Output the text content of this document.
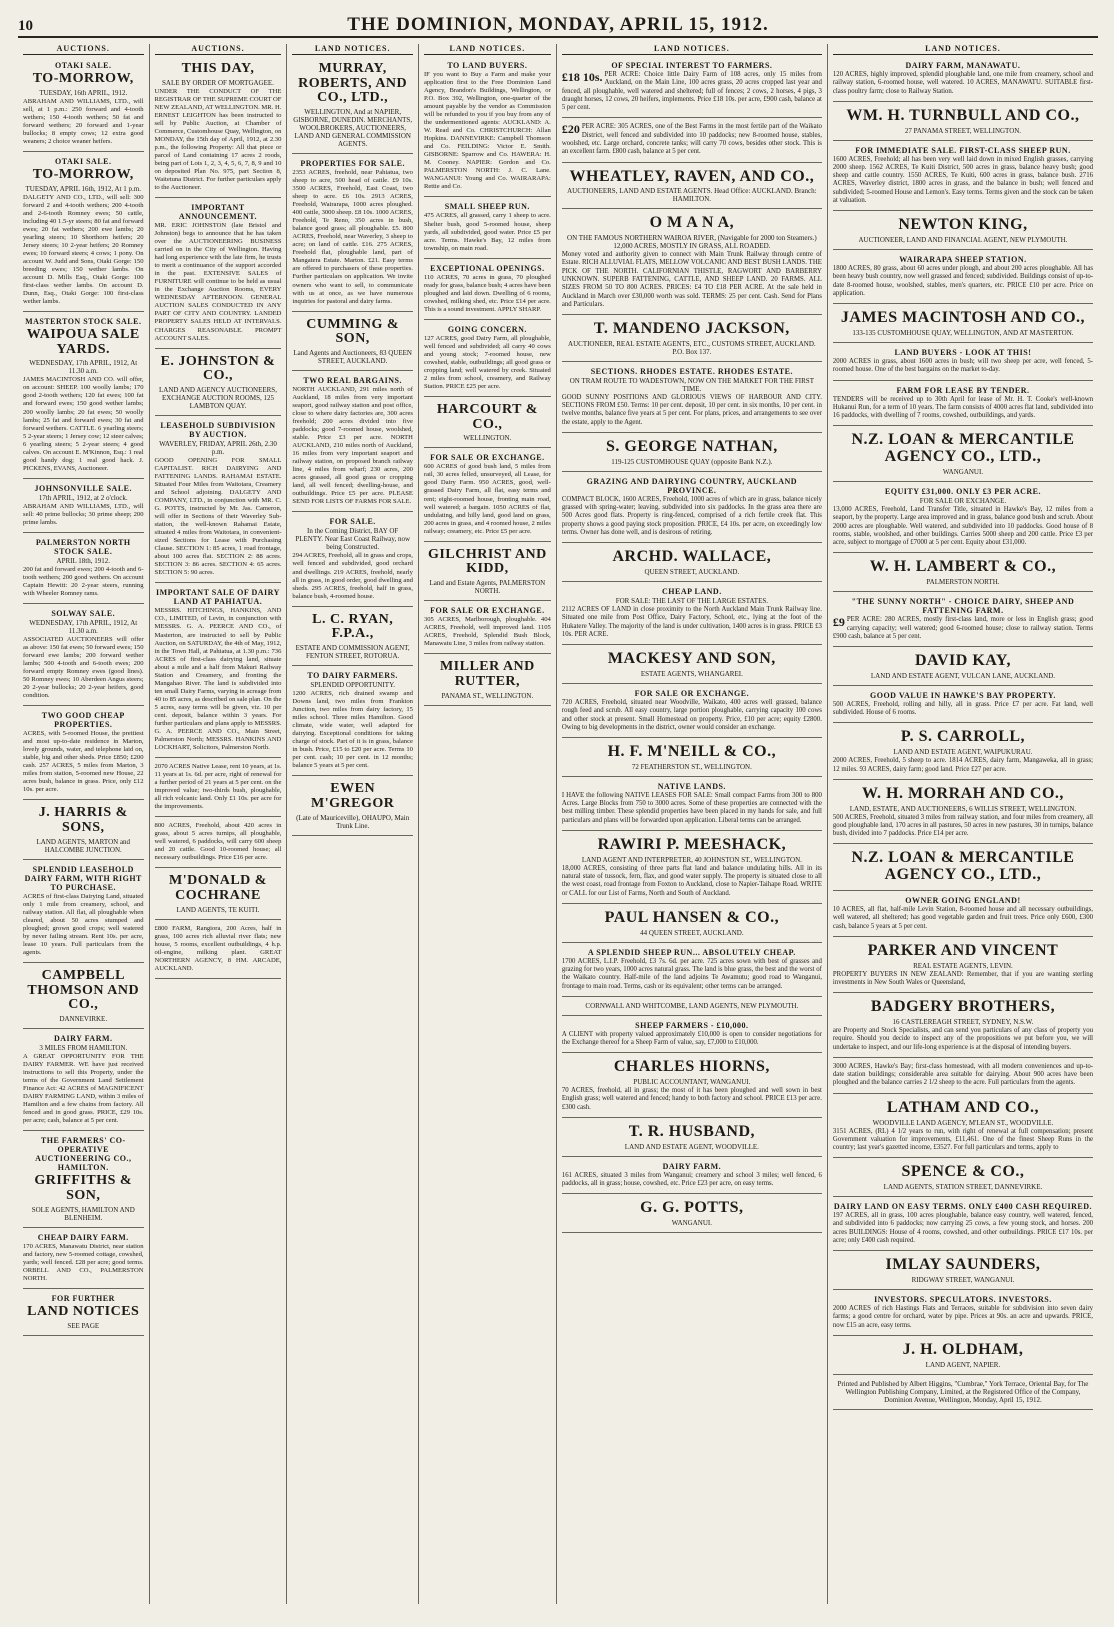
10	THE DOMINION, MONDAY, APRIL 15, 1912.
AUCTIONS.
OTAKI SALE.
TO-MORROW,
TUESDAY, 16th APRIL, 1912.

ABRAHAM AND WILLIAMS, LTD., will sell, at 1 p.m.: 250 forward and 4-tooth wethers; 150 4-tooth wethers; 50 fat and forward wethers; 20 forward and 1-year bullocks; 8 empty cows; 12 extra good weaners; 2 choice weaner heifers.

OTAKI SALE.
TO-MORROW,
TUESDAY, APRIL 16th, 1912, At 1 p.m.

DALGETY AND CO., LTD., will sell: 300 forward 2 and 4-tooth wethers; 200 4-tooth and 2-6-tooth Romney ewes; 50 cattle, including 40 1.5-yr steers; 80 fat and forward ewes; 20 fat wethers; 200 ewe lambs; 20 yearling steers; 10 Shorthorn heifers; 20 Jersey steers; 10 2-year heifers; 20 Romney ewes; 10 forward steers; 4 cows; 1 pony. On account W. Judd and Sons, Otaki Gorge: 150 breeding ewes; 150 wether lambs. On account D. Mills Esq., Otaki Gorge: 100 first-class wether lambs. On account D. Dunn, Esq., Otaki Gorge: 100 first-class wether lambs.

MASTERTON STOCK SALE.
WAIPOUA SALE YARDS.
WEDNESDAY, 17th APRIL, 1912, At 11.30 a.m.

JAMES MACINTOSH AND CO. will offer, on account: SHEEP. 100 woolly lambs; 170 good 2-tooth wethers; 120 fat ewes; 100 fat and forward ewes; 150 good wether lambs; 200 woolly lambs; 20 fat ewes; 50 woolly lambs; 25 fat and forward ewes; 30 fat and forward wethers. CATTLE. 6 yearling steers; 5 2-year steers; 1 Jersey cow; 12 steer calves; 6 yearling steers; 5 2-year steers; 4 good calves. On account E. M'Kinnon, Esq.: 1 real good handy dog; 1 real good hack. J. PICKENS, EVANS, Auctioneer.

JOHNSONVILLE SALE.
17th APRIL, 1912, at 2 o'clock.

ABRAHAM AND WILLIAMS, LTD., will sell: 40 prime bullocks; 30 prime sheep; 200 prime lambs.

PALMERSTON NORTH STOCK SALE.
APRIL 18th, 1912.

200 fat and forward ewes; 200 4-tooth and 6-tooth wethers; 200 good wethers. On account Captain Hewitt: 20 2-year steers, running with Wheeler Romney rams.

SOLWAY SALE.
WEDNESDAY, 17th APRIL, 1912, At 11.30 a.m.

ASSOCIATED AUCTIONEERS will offer as above: 150 fat ewes; 50 forward ewes; 150 forward ewe lambs; 200 forward wether lambs; 500 4-tooth and 6-tooth ewes; 200 forward empty Romney ewes (good lines). 50 Romney ewes; 10 Aberdeen Angus steers; 20 2-year bullocks; 20 2-year heifers, good condition.

TWO GOOD CHEAP PROPERTIES.

ACRES, with 5-roomed House, the prettiest and most up-to-date residence in Marton, lovely grounds, water, and telephone laid on, stable, big and other sheds. Price £850; £200 cash. 257 ACRES, 5 miles from Marton, 3 miles from station, 5-roomed new House, 22 acres bush, balance in grass. Price, only £12 10s. per acre.

J. HARRIS & SONS,
LAND AGENTS, MARTON and HALCOMBE JUNCTION.
SPLENDID LEASEHOLD DAIRY FARM, WITH RIGHT TO PURCHASE.

ACRES of first-class Dairying Land, situated only 1 mile from creamery, school, and railway station. All flat, all ploughable when cleared, about 50 acres stumped and ploughed; grown good crops; well watered by never failing stream. Rent 10s. per acre, lease 10 years. Full particulars from the agents.

CAMPBELL THOMSON AND CO.,
DANNEVIRKE.
DAIRY FARM.
3 MILES FROM HAMILTON.

A GREAT OPPORTUNITY FOR THE DAIRY FARMER. WE have just received instructions to sell this Property, under the terms of the Government Land Settlement Finance Act: 42 ACRES of MAGNIFICENT DAIRY FARMING LAND, within 3 miles of Hamilton and a few chains from factory. All fenced and in good grass. PRICE, £29 10s. per acre; cash, balance at 5 per cent.

THE FARMERS' CO-OPERATIVE AUCTIONEERING CO., HAMILTON.
GRIFFITHS & SON,
SOLE AGENTS, HAMILTON AND BLENHEIM.
CHEAP DAIRY FARM.

170 ACRES, Manawatu District, near station and factory, new 5-roomed cottage, cowshed, yards; well fenced. £28 per acre; good terms. ORBELL AND CO., PALMERSTON NORTH.

FOR FURTHER
LAND NOTICES
SEE PAGE
AUCTIONS.
THIS DAY,
SALE BY ORDER OF MORTGAGEE.

UNDER THE CONDUCT OF THE REGISTRAR OF THE SUPREME COURT OF NEW ZEALAND, AT WELLINGTON. MR. H. ERNEST LEIGHTON has been instructed to sell by Public Auction, at Chamber of Commerce, Customhouse Quay, Wellington, on MONDAY, the 15th day of April, 1912, at 2.30 p.m., the following Property: All that piece or parcel of Land containing 17 acres 2 roods, being part of Lots 1, 2, 3, 4, 5, 6, 7, 8, 9 and 10 on deposited Plan No. 975, part Section 8, Waitetuna District. For further particulars apply to the Auctioneer.

IMPORTANT ANNOUNCEMENT.

MR. ERIC JOHNSTON (late Bristol and Johnston) begs to announce that he has taken over the AUCTIONEERING BUSINESS carried on in the City of Wellington. Having had long experience with the late firm, he trusts to merit a continuance of the support accorded in the past. EXTENSIVE SALES of FURNITURE will continue to be held as usual in the Exchange Auction Rooms, EVERY WEDNESDAY AFTERNOON. GENERAL AUCTION SALES CONDUCTED IN ANY PART OF CITY AND COUNTRY. LANDED PROPERTY SALES HELD AT INTERVALS. CHARGES REASONABLE. PROMPT ACCOUNT SALES.

E. JOHNSTON & CO.,
LAND AND AGENCY AUCTIONEERS, EXCHANGE AUCTION ROOMS, 125 LAMBTON QUAY.
LEASEHOLD SUBDIVISION BY AUCTION.
WAVERLEY, FRIDAY, APRIL 26th, 2.30 p.m.

GOOD OPENING FOR SMALL CAPITALIST. RICH DAIRYING AND FATTENING LANDS. RAHAMAI ESTATE. Situated Four Miles from Waitotara, Creamery and School adjoining. DALGETY AND COMPANY, LTD., in conjunction with MR. C. G. POTTS, instructed by Mr. Jas. Cameron, will offer in Sections of their Waverley Sub-station, the well-known Rahamai Estate, situated 4 miles from Waitotara, in convenient-sized Sections for Lease with Purchasing Clause. SECTION 1: 85 acres, 1 road frontage, about 100 acres flat. SECTION 2: 88 acres. SECTION 3: 86 acres. SECTION 4: 65 acres. SECTION 5: 90 acres.

IMPORTANT SALE OF DAIRY LAND AT PAHIATUA.

MESSRS. HITCHINGS, HANKINS, AND CO., LIMITED, of Levin, in conjunction with MESSRS. G. A. PEERCE AND CO., of Masterton, are instructed to sell by Public Auction, on SATURDAY, the 4th of May, 1912, in the Town Hall, at Pahiatua, at 1.30 p.m.: 736 ACRES of first-class dairying land, situate about a mile and a half from Makuri Railway Station and Creamery, and fronting the Mangahao River. The land is subdivided into ten small Dairy Farms, varying in acreage from 40 to 85 acres, as described on sale plan. On the 5 acres, easy terms will be given, viz. 10 per cent. deposit, balance within 3 years. For further particulars and plans apply to MESSRS. G. A. PEERCE AND CO., Main Street, Palmerston North; MESSRS. HANKINS AND LOCKHART, Solicitors, Palmerston North.

2070 ACRES Native Lease, rent 10 years, at 1s. 11 years at 1s. 6d. per acre, right of renewal for a further period of 21 years at 5 per cent. on the improved value; two-thirds bush, ploughable, all rich volcanic land. Only £1 10s. per acre for the improvements.

800 ACRES, Freehold, about 420 acres in grass, about 5 acres turnips, all ploughable, well watered, 6 paddocks, will carry 600 sheep and 20 cattle. Good 10-roomed house; all necessary outbuildings. Price £16 per acre.

M'DONALD & COCHRANE
LAND AGENTS, TE KUITI.

£800 FARM, Rangiora, 200 Acres, half in grass, 100 acres rich alluvial river flats; new house, 5 rooms, excellent outbuildings, 4 h.p. oil-engine, milking plant. GREAT NORTHERN AGENCY, 8 HM. ARCADE, AUCKLAND.

LAND NOTICES.
MURRAY, ROBERTS, AND CO., LTD.,
WELLINGTON, And at NAPIER, GISBORNE, DUNEDIN. MERCHANTS, WOOLBROKERS, AUCTIONEERS, LAND AND GENERAL COMMISSION AGENTS.
PROPERTIES FOR SALE.

2353 ACRES, freehold, near Pahiatua, two sheep to acre, 500 head of cattle. £9 10s. 3500 ACRES, Freehold, East Coast, two sheep to acre. £6 10s. 2913 ACRES, Freehold, Wairarapa, 1000 acres ploughed. 400 cattle, 3000 sheep. £8 10s. 1000 ACRES, Freehold, Te Reno, 350 acres in bush, balance good grass; all ploughable. £5. 800 ACRES, Freehold, near Waverley, 3 sheep to acre; on land of cattle. £16. 275 ACRES, Freehold flat, ploughable land, part of Mangatera Estate. Marton. £21. Easy terms are offered to purchasers of these properties. Further particulars on application. We invite owners who want to sell, to communicate with us at once, as we have numerous inquiries for pastoral and dairy farms.

CUMMING & SON,
Land Agents and Auctioneers, 83 QUEEN STREET, AUCKLAND.
TWO REAL BARGAINS.

NORTH AUCKLAND, 291 miles north of Auckland, 18 miles from very important seaport, good railway station and post office, close to where dairy factories are, 300 acres freehold; 200 acres divided into five paddocks; good 7-roomed house, woolshed, stable. Price £3 per acre. NORTH AUCKLAND, 210 miles north of Auckland, 16 miles from very important seaport and railway station, on proposed branch railway line, 4 miles from wharf; 230 acres, 200 acres grassed, all good grass or cropping land, all well fenced; dwelling-house, and outbuildings. Price £5 per acre. PLEASE SEND FOR LISTS OF FARMS FOR SALE.

FOR SALE.
In the Coming District, BAY OF PLENTY. Near East Coast Railway, now being Constructed.

294 ACRES, Freehold, all in grass and crops, well fenced and subdivided, good orchard and dwellings. 219 ACRES, freehold, nearly all in grass, in good order, good dwelling and sheds. 295 ACRES, freehold, half in grass, balance bush, 4-roomed house.

L. C. RYAN, F.P.A.,
ESTATE AND COMMISSION AGENT, FENTON STREET, ROTORUA.
TO DAIRY FARMERS.
SPLENDID OPPORTUNITY.

1200 ACRES, rich drained swamp and Downs land, two miles from Frankton Junction, two miles from dairy factory, 15 miles school. Three miles Hamilton. Good climate, wide water, well adapted for dairying. Exceptional conditions for taking charge of stock. Part of it is in grass, balance in bush. Price, £15 to £20 per acre. Terms 10 per cent. cash; 10 per cent. in 12 months; balance 5 years at 5 per cent.

EWEN M'GREGOR
(Late of Mauriceville), OHAUPO, Main Trunk Line.
LAND NOTICES.
TO LAND BUYERS.

IF you want to Buy a Farm and make your application first to the Free Dominion Land Agency, Brandon's Buildings, Wellington, or P.O. Box 392, Wellington, one-quarter of the amount payable by the vendor as Commission will be refunded to you if you buy from any of the undermentioned agents: AUCKLAND: A. W. Read and Co. CHRISTCHURCH: Allan Hopkins. DANNEVIRKE: Campbell Thomson and Co. FEILDING: Victor E. Smith. GISBORNE: Sparrow and Co. HAWERA: H. M. Cooney. NAPIER: Gordon and Co. PALMERSTON NORTH: J. C. Lane. WANGANUI: Young and Co. WAIRARAPA: Rettie and Co.

SMALL SHEEP RUN.

475 ACRES, all grassed, carry 1 sheep to acre. Shelter bush, good 5-roomed house, sheep yards, all subdivided, good water. Price £5 per acre. Terms. Hawke's Bay, 12 miles from township, on main road.

EXCEPTIONAL OPENINGS.

110 ACRES, 70 acres in grass, 70 ploughed ready for grass, balance bush; 4 acres have been ploughed and laid down. Dwelling of 6 rooms, cowshed, milking shed, etc. Price £14 per acre. This is a sound investment. APPLY SHARP.

GOING CONCERN.

127 ACRES, good Dairy Farm, all ploughable, well fenced and subdivided; all carry 40 cows and young stock; 7-roomed house, new cowshed, stable, outbuildings; all good grass or cropping land; well watered by creek. Situated 2 miles from school, creamery, and Railway Station. PRICE £25 per acre.

HARCOURT & CO.,
WELLINGTON.
FOR SALE OR EXCHANGE.

600 ACRES of good bush land, 5 miles from rail, 30 acres felled, unsurveyed, all Lease, for good Dairy Farm. 950 ACRES, good, well-grassed Dairy Farm, all flat, easy terms and rent; eight-roomed house, fronting main road, well watered; a bargain. 1050 ACRES of flat, undulating, and hilly land, good land on grass, 200 acres in grass, and 4 roomed house, 2 miles railway; creamery, etc. Price £5 per acre.

GILCHRIST AND KIDD,
Land and Estate Agents, PALMERSTON NORTH.
FOR SALE OR EXCHANGE.

305 ACRES, Marlborough, ploughable. 404 ACRES, Freehold, well improved land. 1105 ACRES, Freehold, Splendid Bush Block, Manawatu Line, 3 miles from railway station.

MILLER AND RUTTER,
PANAMA ST., WELLINGTON.
LAND NOTICES.
OF SPECIAL INTEREST TO FARMERS.

£18 10s. PER ACRE: Choice little Dairy Farm of 108 acres, only 15 miles from Auckland, on the Main Line, 100 acres grass, 20 acres cropped last year and fenced, all ploughable, well watered and sheltered; full of fences; 2 cows, 2 horses, 4 pigs, 3 draught horses, 12 cows, 20 heifers, implements. Price £18 10s. per acre, £900 cash, balance at 5 per cent.

£20 PER ACRE: 305 ACRES, one of the Best Farms in the most fertile part of the Waikato District, well fenced and subdivided into 10 paddocks; new 8-roomed house, stables, woolshed, etc. Large orchard, concrete tanks; will carry 70 cows, besides other stock. This is an excellent farm. £800 cash, balance at 5 per cent.

WHEATLEY, RAVEN, AND CO.,
AUCTIONEERS, LAND AND ESTATE AGENTS. Head Office: AUCKLAND. Branch: HAMILTON.
O M A N A,
ON THE FAMOUS NORTHERN WAIROA RIVER, (Navigable for 2000 ton Steamers.) 12,000 ACRES, MOSTLY IN GRASS, ALL ROADED.

Money voted and authority given to connect with Main Trunk Railway through centre of Estate. RICH ALLUVIAL FLATS, MELLOW VOLCANIC AND BEST BUSH LANDS. THE PICK OF THE NORTH. CALIFORNIAN THISTLE, RAGWORT AND BARBERRY UNKNOWN. SUPERB FATTENING, CATTLE, AND SHEEP LAND. 20 FARMS. ALL SIZES FROM 50 TO 800 ACRES. PRICES: £4 TO £18 PER ACRE. At the sale held in Auckland in March over £30,000 worth was sold. TERMS: 25 per cent. Cash. Send for Plans and Particulars.

T. MANDENO JACKSON,
AUCTIONEER, REAL ESTATE AGENTS, ETC., CUSTOMS STREET, AUCKLAND. P.O. Box 137.
SECTIONS. RHODES ESTATE. RHODES ESTATE.
ON TRAM ROUTE TO WADESTOWN, NOW ON THE MARKET FOR THE FIRST TIME.

GOOD SUNNY POSITIONS AND GLORIOUS VIEWS OF HARBOUR AND CITY. SECTIONS FROM £50. Terms: 10 per cent. deposit, 10 per cent. in six months, 10 per cent. in twelve months, balance five years at 5 per cent. For plans, prices, and arrangements to see over the estate, apply to the Agent.

S. GEORGE NATHAN,
119-125 CUSTOMHOUSE QUAY (opposite Bank N.Z.).
GRAZING AND DAIRYING COUNTRY, AUCKLAND PROVINCE.

COMPACT BLOCK, 1600 ACRES, Freehold, 1000 acres of which are in grass, balance nicely grassed with spring-water; leaving, subdivided into six paddocks. In the grass area there are 500 Acres good flats. Property is ring-fenced, comprised of a rich fertile creek flat. This property shows a good paying stock proposition. PRICE, £4 10s. per acre, on exceedingly low terms. Owner has done well, and is desirous of retiring.

ARCHD. WALLACE,
QUEEN STREET, AUCKLAND.
CHEAP LAND.
FOR SALE: THE LAST OF THE LARGE ESTATES.

2112 ACRES OF LAND in close proximity to the North Auckland Main Trunk Railway line. Situated one mile from Post Office, Dairy Factory, School, etc., lying at the foot of the Hukatere Valley. The majority of the land is under cultivation, 1400 acres is in grass. PRICE £3 10s. PER ACRE.

MACKESY AND SON,
ESTATE AGENTS, WHANGAREI.
FOR SALE OR EXCHANGE.

720 ACRES, Freehold, situated near Woodville, Waikato, 400 acres well grassed, balance rough feed and scrub. All easy country, large portion ploughable, carrying capacity 100 cows and other stock at present. Small Homestead on property. Price, £10 per acre; equity £2800. Owing to big developments in the district, owner would consider an exchange.

H. F. M'NEILL & CO.,
72 FEATHERSTON ST., WELLINGTON.
NATIVE LANDS.

I HAVE the following NATIVE LEASES FOR SALE: Small compact Farms from 300 to 800 Acres. Large Blocks from 750 to 3000 acres. Some of these properties are connected with the best milling timber. These splendid properties have been placed in my hands for sale, and full particulars and plans will be forwarded upon application. Liberal terms can be arranged.

RAWIRI P. MEESHACK,
LAND AGENT AND INTERPRETER, 40 JOHNSTON ST., WELLINGTON.

18,000 ACRES, consisting of three parts flat land and balance undulating hills. All in its natural state of tussock, fern, flax, and good water supply. The property is situated close to all the west coast, road frontage from Foxton to Auckland, close to Napier-Taihape Road. WRITE or CALL for our List of Farms, North and South of Auckland.

PAUL HANSEN & CO.,
44 QUEEN STREET, AUCKLAND.
A SPLENDID SHEEP RUN... ABSOLUTELY CHEAP.

1700 ACRES, L.I.P. Freehold, £3 7s. 6d. per acre. 725 acres sown with best of grasses and grazing for two years, 1000 acres natural grass. The land is blue grass, the best and the worst of the Waikato country. Half-mile of the land adjoins Te Awamutu; good road to Wanganui, frontage to main road. Terms, cash or its equivalent; other terms can be arranged.

CORNWALL AND WHITCOMBE, LAND AGENTS, NEW PLYMOUTH.
SHEEP FARMERS - £10,000.

A CLIENT with property valued approximately £10,000 is open to consider negotiations for the Exchange thereof for a Sheep Farm of value, say, £7,000 to £10,000.

CHARLES HIORNS,
PUBLIC ACCOUNTANT, WANGANUI.

70 ACRES, freehold, all in grass; the most of it has been ploughed and well sown in best English grass; well watered and fenced; handy to both factory and school. PRICE £13 per acre. £300 cash.

T. R. HUSBAND,
LAND AND ESTATE AGENT, WOODVILLE.
DAIRY FARM.

161 ACRES, situated 3 miles from Wanganui; creamery and school 3 miles; well fenced, 6 paddocks, all in grass; house, cowshed, etc. Price £23 per acre, on easy terms.

G. G. POTTS,
WANGANUI.
LAND NOTICES.
DAIRY FARM, MANAWATU.

120 ACRES, highly improved, splendid ploughable land, one mile from creamery, school and railway station, 6-roomed house, well watered. 10 ACRES, MANAWATU. SUITABLE first-class poultry farm; close to Railway Station.

WM. H. TURNBULL AND CO.,
27 PANAMA STREET, WELLINGTON.
FOR IMMEDIATE SALE. FIRST-CLASS SHEEP RUN.

1600 ACRES, Freehold; all has been very well laid down in mixed English grasses, carrying 2000 sheep. 1562 ACRES, Te Kuiti District, 500 acres in grass, balance heavy bush; good sheep and cattle country. 1550 ACRES, Te Kuiti, 600 acres in grass, balance bush. 2716 ACRES, Waverley district, 1800 acres in grass, and the balance in bush; well fenced and subdivided; 5-roomed House and Lemon's. Easy terms. Terms given and the stock can be taken at valuation.

NEWTON KING,
AUCTIONEER, LAND AND FINANCIAL AGENT, NEW PLYMOUTH.
WAIRARAPA SHEEP STATION.

1800 ACRES, 80 grass, about 60 acres under plough, and about 200 acres ploughable. All has been heavy bush country, now well grassed and fenced; subdivided. Buildings consist of up-to-date 8-roomed house, woolshed, stables, men's quarters, etc. PRICE £10 per acre. Price on application.

JAMES MACINTOSH AND CO.,
133-135 CUSTOMHOUSE QUAY, WELLINGTON, AND AT MASTERTON.
LAND BUYERS - LOOK AT THIS!

2000 ACRES in grass, about 1600 acres in bush; will two sheep per acre, well fenced, 5-roomed house. One of the best bargains on the market to-day.

FARM FOR LEASE BY TENDER.

TENDERS will be received up to 30th April for lease of Mr. H. T. Cooke's well-known Hukanui Run, for a term of 10 years. The farm consists of 4000 acres flat land, subdivided into 16 paddocks, with dwelling of 7 rooms, cowshed, outbuildings, and yards.

N.Z. LOAN & MERCANTILE AGENCY CO., LTD.,
WANGANUI.
EQUITY £31,000. ONLY £3 PER ACRE.
FOR SALE OR EXCHANGE.

13,000 ACRES, Freehold, Land Transfer Title, situated in Hawke's Bay, 12 miles from a seaport, by the property. Large area improved and in grass, balance good bush and scrub. About 2000 acres are ploughable. Well watered, and subdivided into 10 paddocks. Good house of 8 rooms, stable, woolshed, and other buildings. Carries 5000 sheep and 200 cattle. Price £3 per acre, subject to mortgage of £7000 at 5 per cent. Equity about £31,000.

W. H. LAMBERT & CO.,
PALMERSTON NORTH.
"THE SUNNY NORTH" - CHOICE DAIRY, SHEEP AND FATTENING FARM.

£9 PER ACRE: 280 ACRES, mostly first-class land, more or less in English grass; good carrying capacity; well watered; good 6-roomed house; close to railway station. Terms £900 cash, balance at 5 per cent.

DAVID KAY,
LAND AND ESTATE AGENT, VULCAN LANE, AUCKLAND.
GOOD VALUE IN HAWKE'S BAY PROPERTY.

500 ACRES, Freehold, rolling and hilly, all in grass. Price £7 per acre. Fat land, well subdivided. House of 6 rooms.

P. S. CARROLL,
LAND AND ESTATE AGENT, WAIPUKURAU.

2000 ACRES, Freehold, 5 sheep to acre. 1814 ACRES, dairy farm, Mangaweka, all in grass; 12 miles. 93 ACRES, dairy farm; good land. Price £27 per acre.

W. H. MORRAH AND CO.,
LAND, ESTATE, AND AUCTIONEERS, 6 WILLIS STREET, WELLINGTON.

500 ACRES, Freehold, situated 3 miles from railway station, and four miles from creamery, all good ploughable land, 170 acres in all pastures, 50 acres in new pastures, 30 in turnips, balance bush, divided into 7 paddocks. Price £14 per acre.

N.Z. LOAN & MERCANTILE AGENCY CO., LTD.,
OWNER GOING ENGLAND!

10 ACRES, all flat, half-mile Levin Station, 8-roomed house and all necessary outbuildings, well watered, all sheltered; has good vegetable garden and fruit trees. Price only £600, £300 cash, balance 5 years at 5 per cent.

PARKER AND VINCENT
REAL ESTATE AGENTS, LEVIN.

PROPERTY BUYERS IN NEW ZEALAND: Remember, that if you are wanting sterling investments in New South Wales or Queensland,

BADGERY BROTHERS,
16 CASTLEREAGH STREET, SYDNEY, N.S.W.

are Property and Stock Specialists, and can send you particulars of any class of property you require. Should you decide to inspect any of the propositions we put before you, we will undertake to inspect, and our life-long experience is at the disposal of intending buyers.

3000 ACRES, Hawke's Bay; first-class homestead, with all modern conveniences and up-to-date station buildings; considerable area suitable for dairying. About 900 acres have been ploughed and the balance carries 2 1/2 sheep to the acre. Full particulars from the agents.

LATHAM AND CO.,
WOODVILLE LAND AGENCY, M'LEAN ST., WOODVILLE.

3151 ACRES, (RL) 4 1/2 years to run, with right of renewal at full compensation; present Government valuation for improvements, £11,461. One of the finest Sheep Runs in the country; last year's gazetted income, £3527. For full particulars and terms, apply to

SPENCE & CO.,
LAND AGENTS, STATION STREET, DANNEVIRKE.
DAIRY LAND ON EASY TERMS. ONLY £400 CASH REQUIRED.

197 ACRES, all in grass, 100 acres ploughable, balance easy country, well watered, fenced, and subdivided into 6 paddocks; now carrying 25 cows, a few young stock, and horses. 200 acres BUILDINGS: House of 4 rooms, cowshed, and other outbuildings. PRICE £17 10s. per acre; only £400 cash required.

IMLAY SAUNDERS,
RIDGWAY STREET, WANGANUI.
INVESTORS. SPECULATORS. INVESTORS.

2000 ACRES of rich Hastings Flats and Terraces, suitable for subdivision into seven dairy farms; a good centre for orchard, water by pipe. Prices at 90s. an acre and upwards. PRICE, now £15 an acre, easy terms.

J. H. OLDHAM,
LAND AGENT, NAPIER.
Printed and Published by Albert Higgins, "Cumbrae," York Terrace, Oriental Bay, for The Wellington Publishing Company, Limited, at the Registered Office of the Company, Dominion Avenue, Wellington, Monday, April 15, 1912.
